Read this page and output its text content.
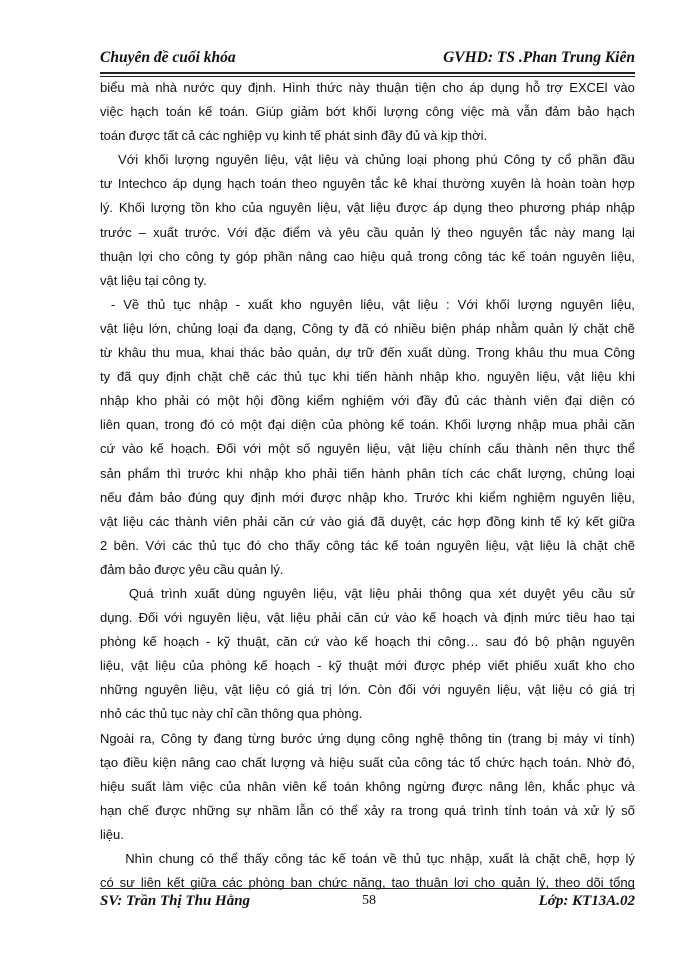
Chuyên đề cuối khóa	GVHD: TS .Phan Trung Kiên
biểu mà nhà nước quy định. Hình thức này thuận tiện cho áp dụng hỗ trợ EXCEl vào
việc hạch toán kế toán. Giúp giảm bớt khối lượng công việc mà vẫn đảm bảo hạch
toán được tất cả các nghiệp vụ kinh tế phát sinh đầy đủ và kịp thời.
Với khối lượng nguyên liệu, vật liệu và chủng loại phong phú Công ty cổ phần đầu
tư Intechco áp dụng hạch toán theo nguyên tắc kê khai thường xuyên là hoàn toàn hợp
lý. Khối lượng tồn kho của nguyên liệu, vật liệu được áp dụng theo phương pháp nhập
trước – xuất trước. Với đặc điểm và yêu cầu quản lý theo nguyên tắc này mang lại
thuận lợi cho công ty góp phần nâng cao hiệu quả trong công tác kế toán nguyên liệu,
vật liệu tại công ty.
- Về thủ tục nhập - xuất kho nguyên liệu, vật liệu : Với khối lượng nguyên liệu,
vật liệu lớn, chủng loại đa dạng, Công ty đã có nhiều biện pháp nhằm quản lý chặt chẽ
từ khâu thu mua, khai thác bảo quản, dự trữ đến xuất dùng. Trong khâu thu mua Công
ty đã quy định chặt chẽ các thủ tục khi tiến hành nhập kho. nguyên liệu, vật liệu khi
nhập kho phải có một hội đồng kiểm nghiệm với đầy đủ các thành viên đại diện có
liên quan, trong đó có một đại diện của phòng kế toán. Khối lượng nhập mua phải căn
cứ vào kế hoạch. Đối với một số nguyên liệu, vật liệu chính cấu thành nên thực thể
sản phẩm thì trước khi nhập kho phải tiến hành phân tích các chất lượng, chủng loại
nếu đảm bảo đúng quy định mới được nhập kho. Trước khi kiểm nghiệm nguyên liệu,
vật liệu các thành viên phải căn cứ vào giá đã duyệt, các hợp đồng kinh tế ký kết giữa
2 bên. Với các thủ tục đó cho thấy công tác kế toán nguyên liệu, vật liệu là chặt chẽ
đảm bảo được yêu cầu quản lý.
Quá trình xuất dùng nguyên liệu, vật liệu phải thông qua xét duyệt yêu cầu sử
dụng. Đối với nguyên liệu, vật liệu phải căn cứ vào kế hoạch và định mức tiêu hao tại
phòng kế hoạch - kỹ thuật, căn cứ vào kế hoạch thi công… sau đó bộ phận nguyên
liệu, vật liệu của phòng kế hoạch - kỹ thuật mới được phép viết phiếu xuất kho cho
những nguyên liệu, vật liệu có giá trị lớn. Còn đối với nguyên liệu, vật liệu có giá trị
nhỏ các thủ tục này chỉ cần thông qua phòng.
Ngoài ra, Công ty đang từng bước ứng dụng công nghệ thông tin (trang bị máy vi tính)
tạo điều kiện nâng cao chất lượng và hiệu suất của công tác tổ chức hạch toán. Nhờ đó,
hiệu suất làm việc của nhân viên kế toán không ngừng được nâng lên, khắc phục và
hạn chế được những sự nhầm lẫn có thể xảy ra trong quá trình tính toán và xử lý số
liệu.
Nhìn chung có thể thấy công tác kế toán về thủ tục nhập, xuất là chặt chẽ, hợp lý
có sự liên kết giữa các phòng ban chức năng, tạo thuận lợi cho quản lý, theo dõi tổng
SV: Trần Thị Thu Hằng	58	Lớp: KT13A.02
